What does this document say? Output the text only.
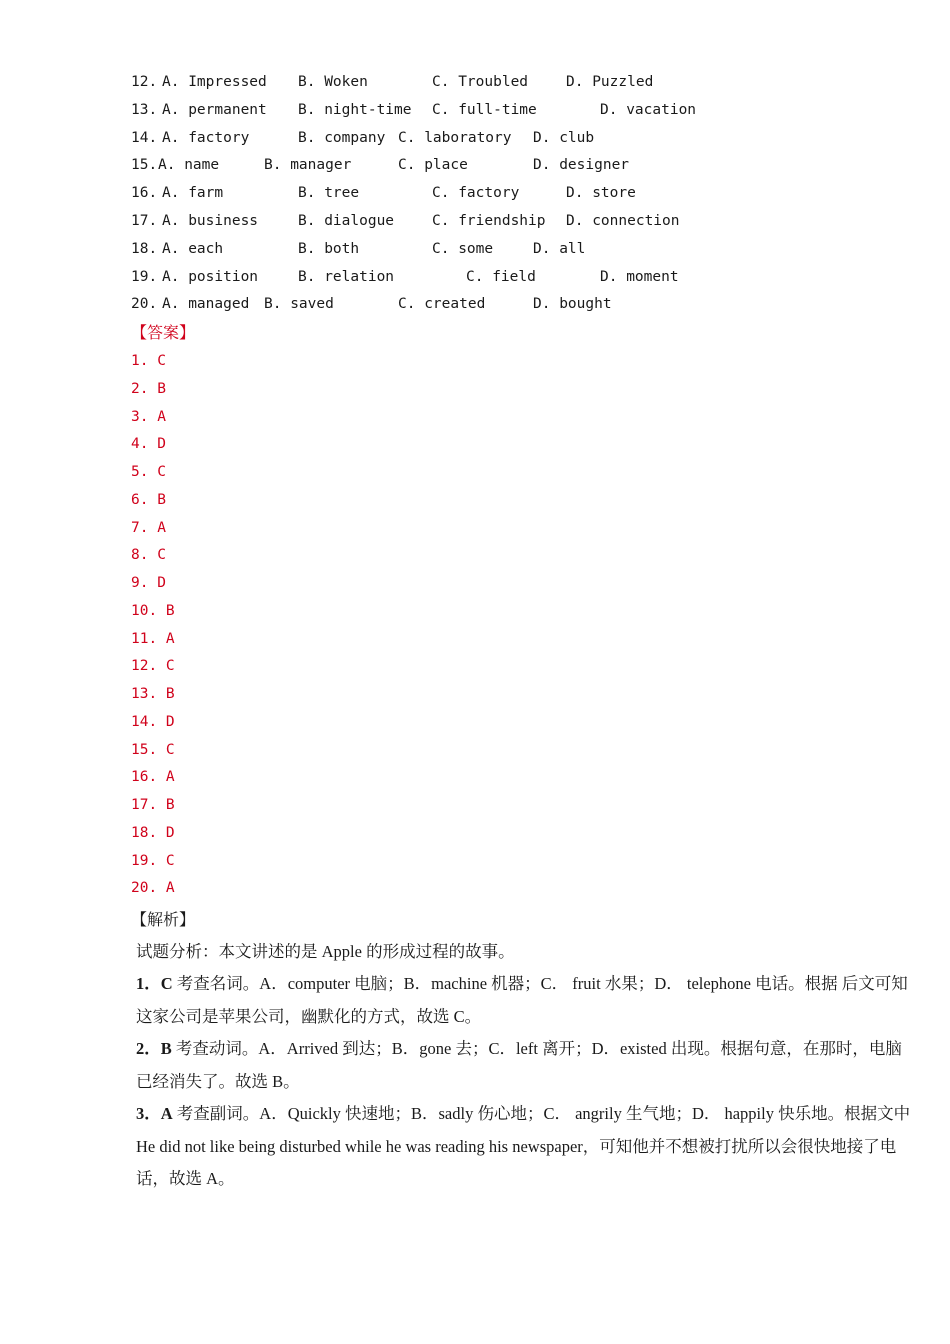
12.

A. Impressed

B. Woken

	C. Troubled

	D. Puzzled

13.

A. permanent

B. night-time

C. full-time

	D. vacation

14.

A. factory

	B. company

C. laboratory

D. club

15.

A. name

	B. manager

	C. place

	D. designer

16.

A. farm

	B. tree

	C. factory

	D. store

17.

A. business

	B. dialogue

	C. friendship

D. connection

18.

A. each

	B. both

	C. some

	D. all

19.

A. position

	B. relation

	C. field

	D. moment

20.

A. managed

B. saved

	C. created

	D. bought

【答案】
1. C
2. B
3. A
4. D
5. C
6. B
7. A
8. C
9. D
10. B
11. A
12. C
13. B
14. D
15. C
16. A
17. B
18. D
19. C
20. A
【解析】
试题分析：本文讲述的是 Apple 的形成过程的故事。
1．C 考查名词。A．computer 电脑；B．machine 机器；C． fruit 水果；D． telephone 电话。根据 后文可知这家公司是苹果公司，幽默化的方式，故选 C。
2．B 考查动词。A．Arrived 到达；B．gone 去；C．left 离开；D．existed 出现。根据句意，在那时，电脑已经消失了。故选 B。
3．A 考查副词。A．Quickly 快速地；B．sadly 伤心地；C． angrily 生气地；D． happily 快乐地。根据文中 He did not like being disturbed while he was reading his newspaper，可知他并不想被打扰所以会很快地接了电话，故选 A。
